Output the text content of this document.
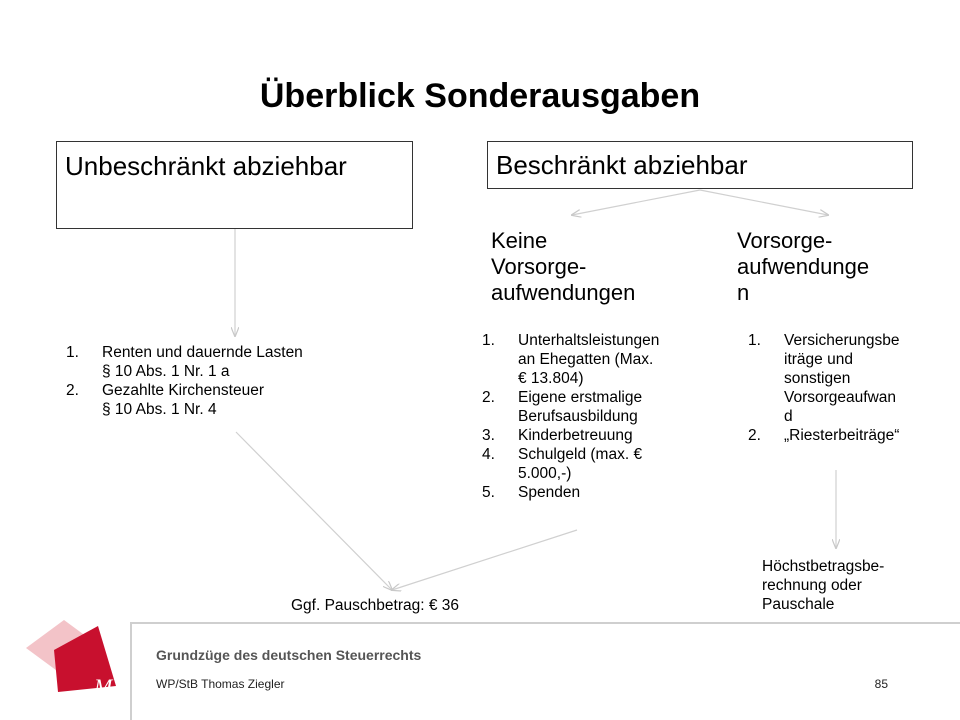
Überblick Sonderausgaben
Unbeschränkt abziehbar	Beschränkt abziehbar
Keine
Vorsorge-
aufwendungen
Vorsorge-
aufwendunge
n
1. Renten und dauernde Lasten
§ 10 Abs. 1 Nr. 1 a
2. Gezahlte Kirchensteuer
§ 10 Abs. 1 Nr. 4
1. Unterhaltsleistungen
an Ehegatten (Max.
€ 13.804)
2. Eigene erstmalige
Berufsausbildung
3. Kinderbetreuung
4. Schulgeld (max. €
5.000,-)
5. Spenden
1. Versicherungsbe
iträge und
sonstigen
Vorsorgeaufwan
d
2. „Riesterbeiträge“
Höchstbetragsbe-
rechnung oder
Pauschale
Ggf. Pauschbetrag: € 36
M
Grundzüge des deutschen Steuerrechts
WP/StB Thomas Ziegler	85
